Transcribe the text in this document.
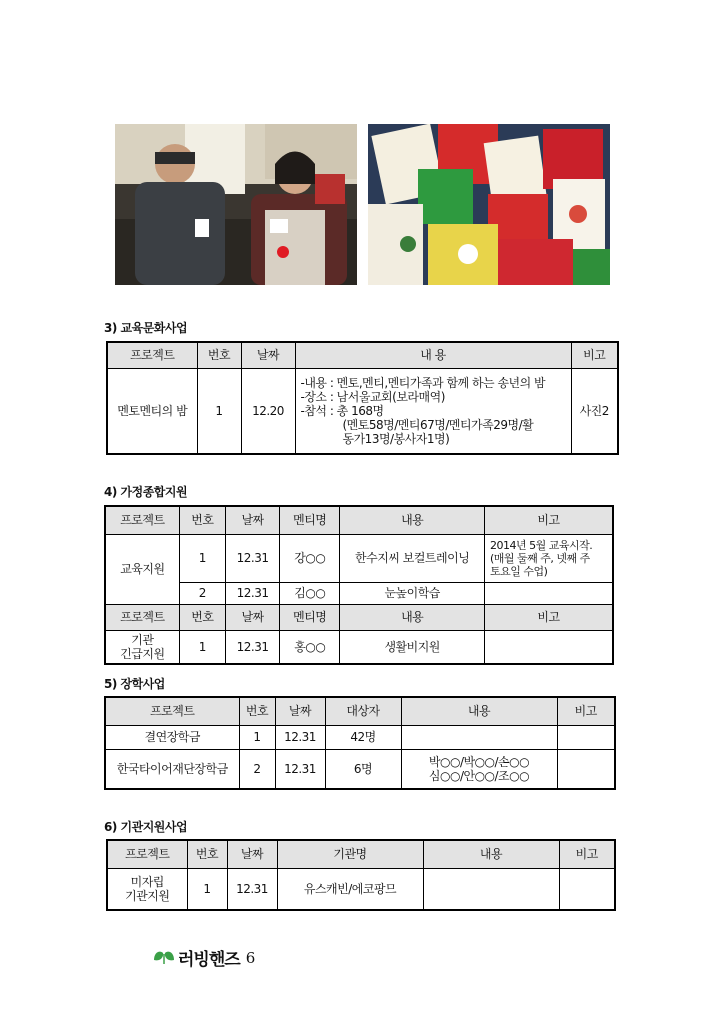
3) 교육문화사업
프로젝트	번호	날짜	내 용	비고
멘토멘티의 밤	1	12.20	-내용 : 멘토,멘티,멘티가족과 함께 하는 송년의 밤
-장소 : 남서울교회(보라매역)
-참석 : 총 168명
(멘토58명/멘티67명/멘티가족29명/활
동가13명/봉사자1명)	사진2
4) 가정종합지원
프로젝트	번호	날짜	멘티명	내용	비고
교육지원	1	12.31	강○○	한수지씨 보컬트레이닝	2014년 5월 교육시작.
(매월 둘째 주, 넷째 주
토요일 수업)

	2	12.31	김○○	눈높이학습	
프로젝트	번호	날짜	멘티명	내용	비고

기관
긴급지원	1	12.31	홍○○	생활비지원	
5) 장학사업
프로젝트	번호	날짜	대상자	내용	비고
결연장학금	1	12.31	42명		
한국타이어재단장학금	2	12.31	6명	박○○/박○○/손○○
심○○/안○○/조○○	

6) 기관지원사업
프로젝트	번호	날짜	기관명	내용	비고

미자립
기관지원	1	12.31	유스캐빈/에코팡므		
러빙핸즈 6
